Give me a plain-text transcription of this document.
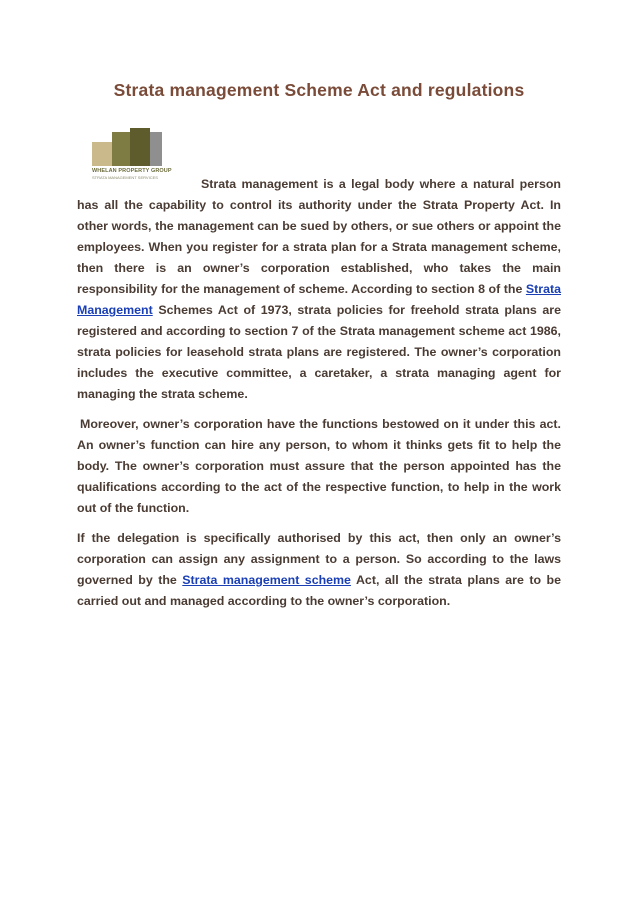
Strata management Scheme Act and regulations
WHELAN PROPERTY GROUP
STRATA MANAGEMENT SERVICES	Strata management is a legal body where a natural person has all the capability to control its authority under the Strata Property Act. In other words, the management can be sued by others, or sue others or appoint the employees. When you register for a strata plan for a Strata management scheme, then there is an owner’s corporation established, who takes the main responsibility for the management of scheme. According to section 8 of the Strata Management Schemes Act of 1973, strata policies for freehold strata plans are registered and according to section 7 of the Strata management scheme act 1986, strata policies for leasehold strata plans are registered. The owner’s corporation includes the executive committee, a caretaker, a strata managing agent for managing the strata scheme.

Moreover, owner’s corporation have the functions bestowed on it under this act. An owner’s function can hire any person, to whom it thinks gets fit to help the body. The owner’s corporation must assure that the person appointed has the qualifications according to the act of the respective function, to help in the work out of the function.

If the delegation is specifically authorised by this act, then only an owner’s corporation can assign any assignment to a person. So according to the laws governed by the Strata management scheme Act, all the strata plans are to be carried out and managed according to the owner’s corporation.
